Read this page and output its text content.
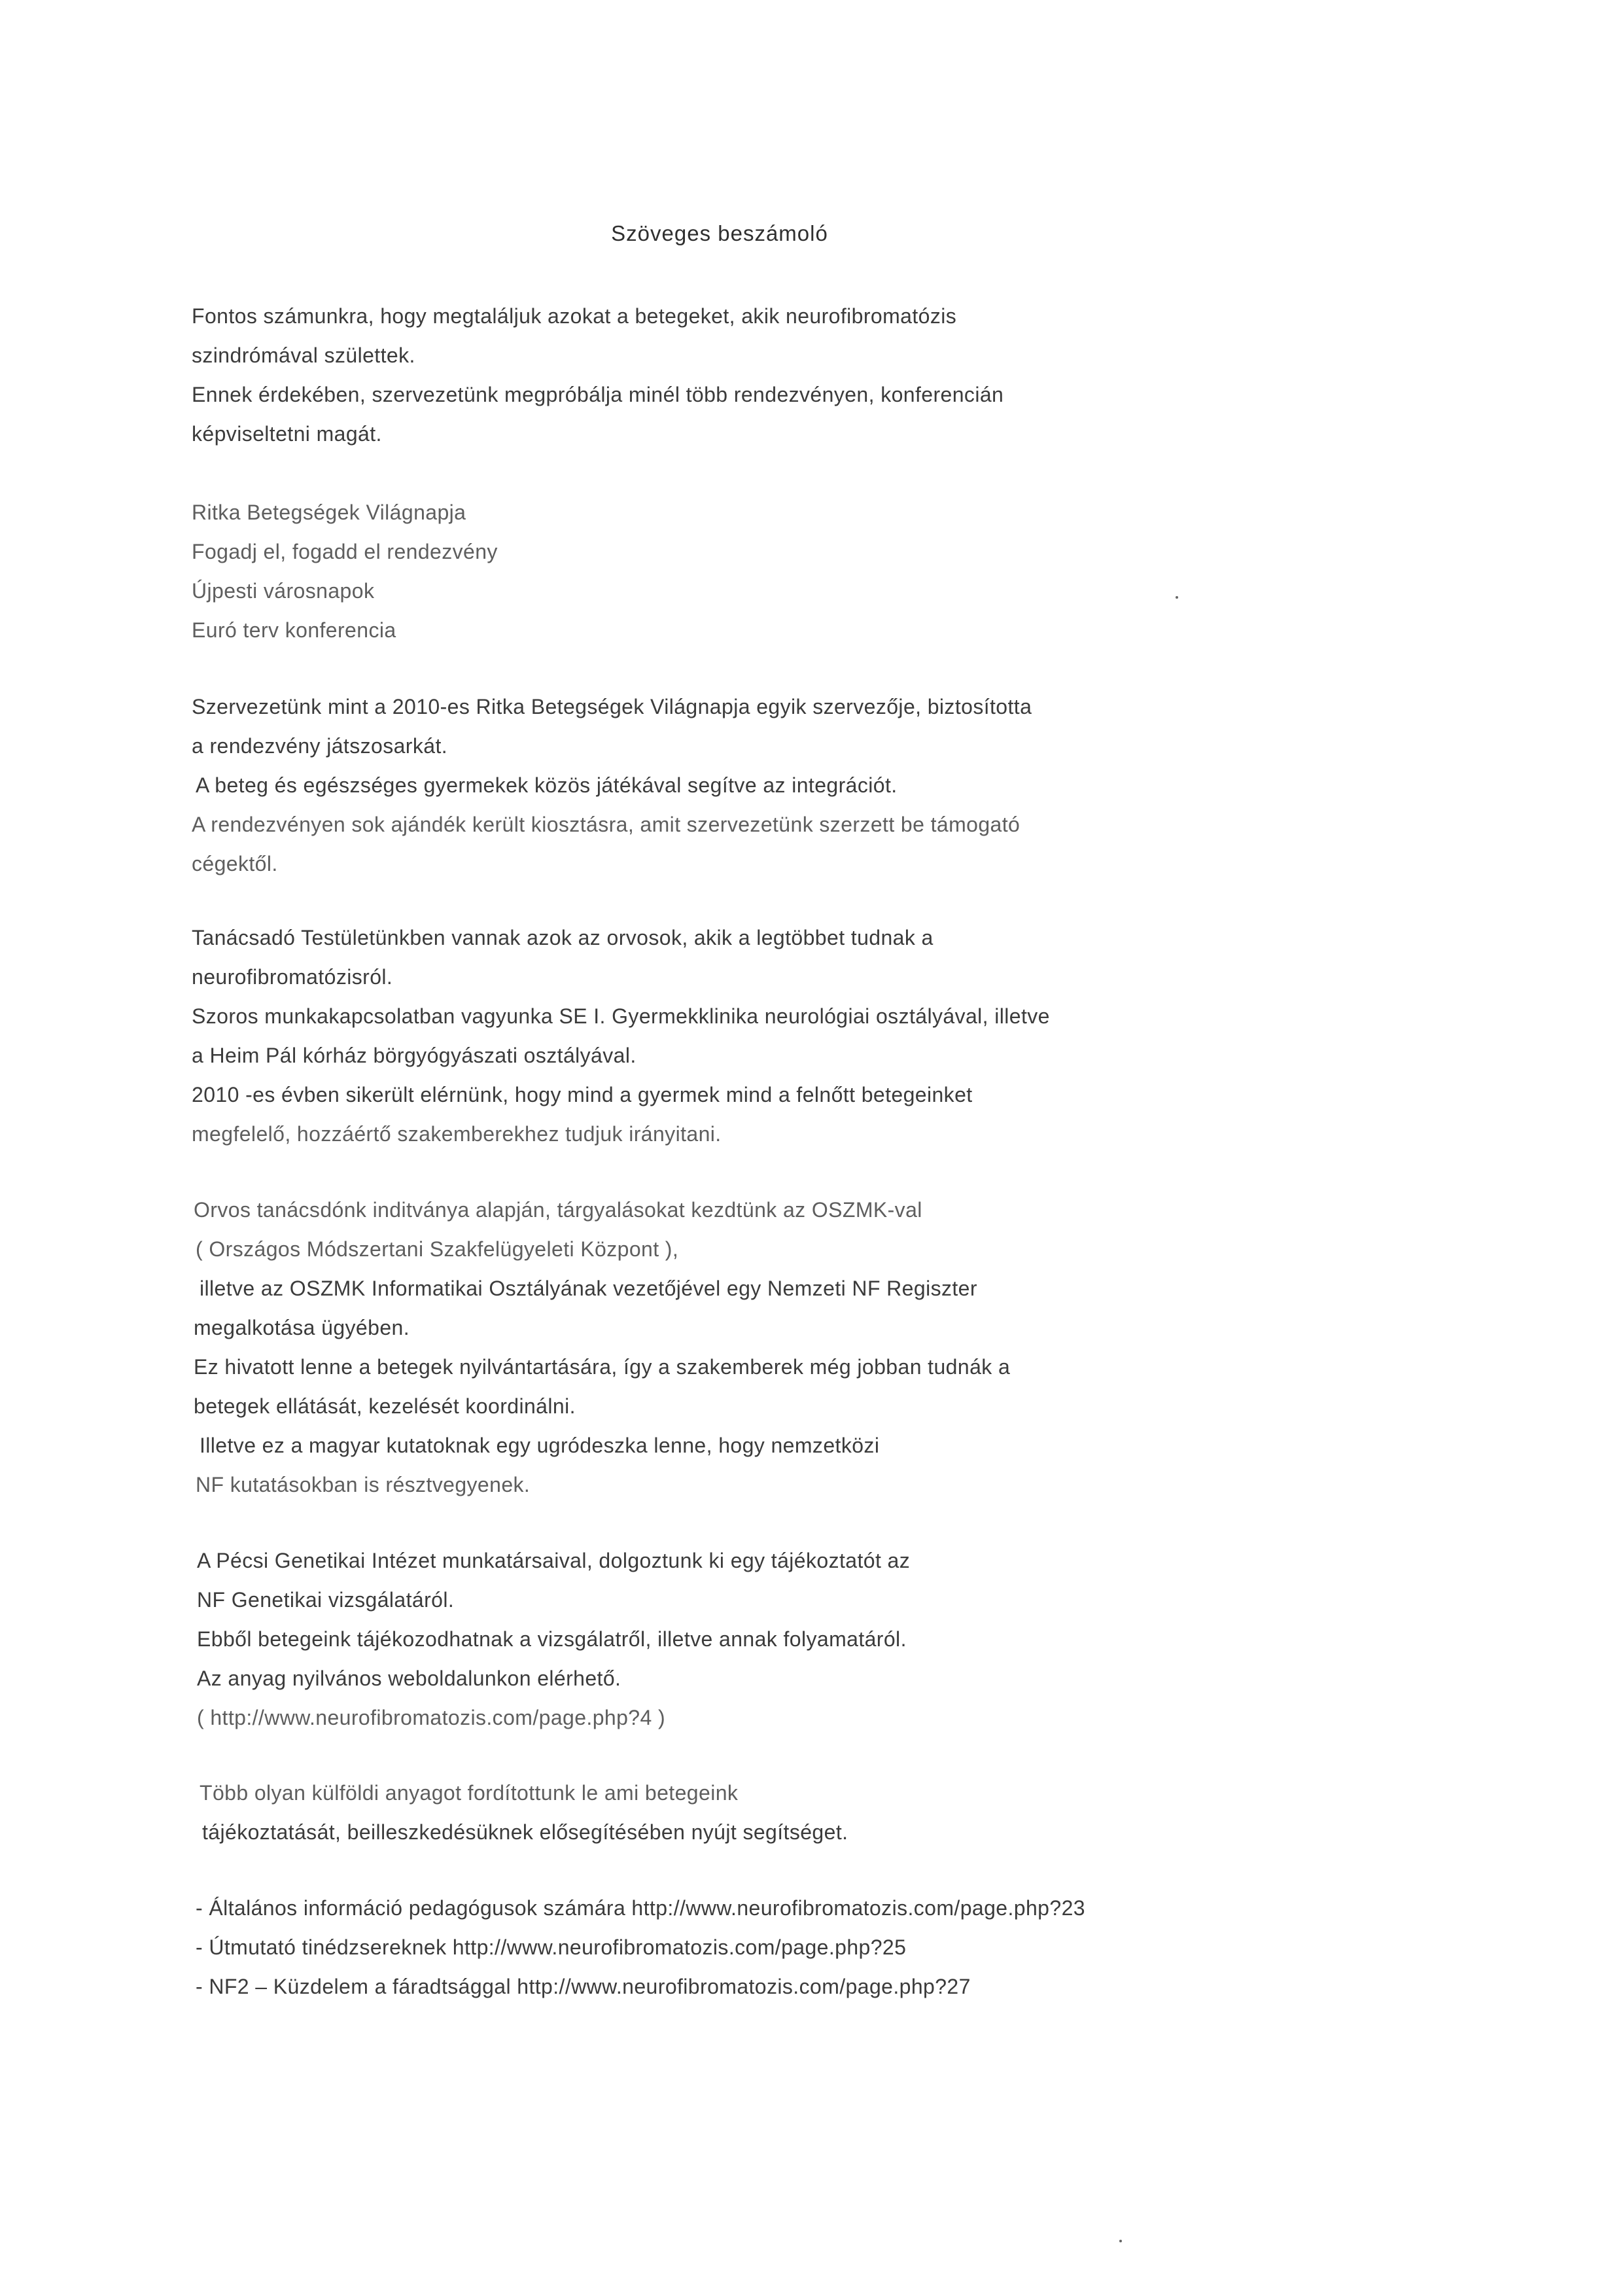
Szöveges beszámoló
Fontos számunkra, hogy megtaláljuk azokat a betegeket, akik neurofibromatózis
szindrómával születtek.
Ennek érdekében, szervezetünk megpróbálja minél több rendezvényen, konferencián
képviseltetni magát.
Ritka Betegségek Világnapja
Fogadj el, fogadd el rendezvény
Újpesti városnapok
Euró terv konferencia
Szervezetünk mint a 2010-es Ritka Betegségek Világnapja egyik szervezője, biztosította
a rendezvény játszosarkát.
A beteg és egészséges gyermekek közös játékával segítve az integrációt.
A rendezvényen sok ajándék került kiosztásra, amit szervezetünk szerzett be támogató
cégektől.
Tanácsadó Testületünkben vannak azok az orvosok, akik a legtöbbet tudnak a
neurofibromatózisról.
Szoros munkakapcsolatban vagyunka SE I. Gyermekklinika neurológiai osztályával, illetve
a Heim Pál kórház börgyógyászati osztályával.
2010 -es évben sikerült elérnünk, hogy mind a gyermek mind a felnőtt betegeinket
megfelelő, hozzáértő szakemberekhez tudjuk irányitani.
Orvos tanácsdónk inditványa alapján, tárgyalásokat kezdtünk az OSZMK-val
( Országos Módszertani Szakfelügyeleti Központ ),
illetve az OSZMK Informatikai Osztályának vezetőjével egy Nemzeti NF Regiszter
megalkotása ügyében.
Ez hivatott lenne a betegek nyilvántartására, így a szakemberek még jobban tudnák a
betegek ellátását, kezelését koordinálni.
Illetve ez a magyar kutatoknak egy ugródeszka lenne, hogy nemzetközi
NF kutatásokban is résztvegyenek.
A Pécsi Genetikai Intézet munkatársaival, dolgoztunk ki egy tájékoztatót az
NF Genetikai vizsgálatáról.
Ebből betegeink tájékozodhatnak a vizsgálatről, illetve annak folyamatáról.
Az anyag nyilvános weboldalunkon elérhető.
( http://www.neurofibromatozis.com/page.php?4 )
Több olyan külföldi anyagot fordítottunk le ami betegeink
tájékoztatását, beilleszkedésüknek elősegítésében nyújt segítséget.
- Általános információ pedagógusok számára http://www.neurofibromatozis.com/page.php?23
- Útmutató tinédzsereknek http://www.neurofibromatozis.com/page.php?25
- NF2 – Küzdelem a fáradtsággal http://www.neurofibromatozis.com/page.php?27
